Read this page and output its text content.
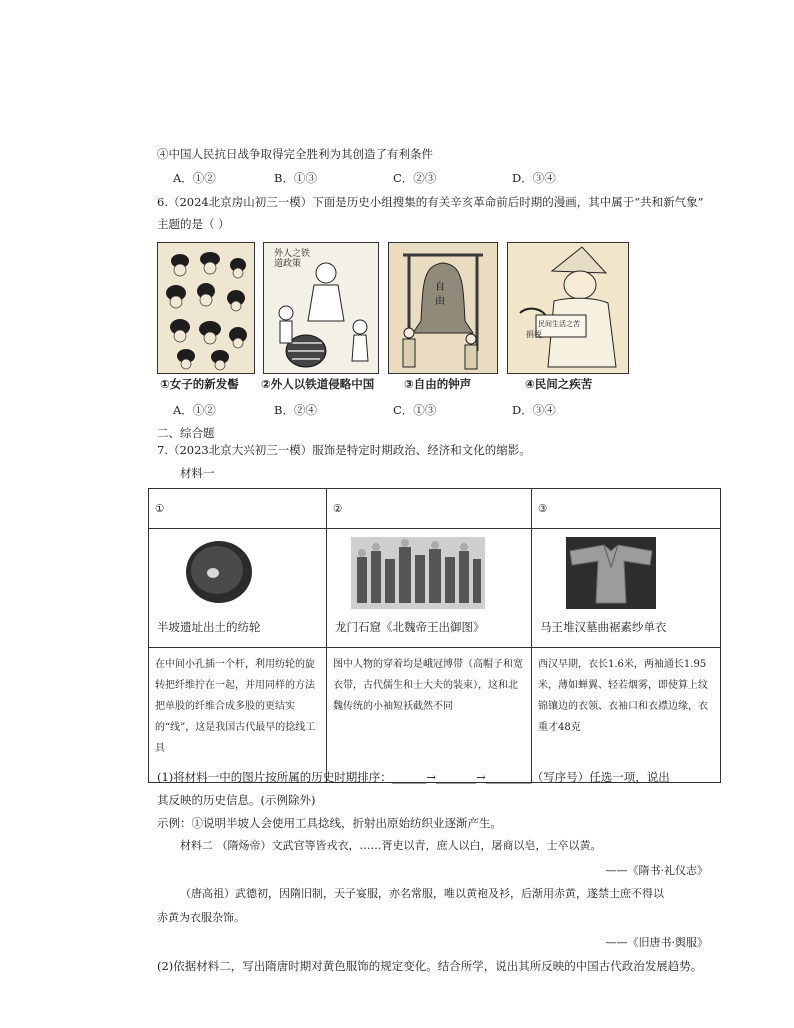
④中国人民抗日战争取得完全胜利为其创造了有利条件
A．①②	B．①③	C．②③	D．③④
6.（2024北京房山初三一模）下面是历史小组搜集的有关辛亥革命前后时期的漫画，其中属于“共和新气象”
主题的是（ ）
外人之铁道政策
自由
捐税
民间生活之苦
①女子的新发髻 ②外人以铁道侵略中国	③自由的钟声	④民间之疾苦
A．①②	B．②④	C．①③	D．③④
二、综合题
7.（2023北京大兴初三一模）服饰是特定时期政治、经济和文化的缩影。
材料一
①	②	③

半坡遗址出土的纺轮	龙门石窟《北魏帝王出御图》	马王堆汉墓曲裾素纱单衣

在中间小孔插一个杆，利用纺轮的旋转把纤维拧在一起，并用同样的方法把单股的纤维合成多股的更结实的“线”，这是我国古代最早的捻线工具	图中人物的穿着均是峨冠博带（高帽子和宽衣带，古代儒生和士大夫的装束），这和北魏传统的小袖短袄截然不同	西汉早期，衣长1.6米，两袖通长1.95米，薄如蝉翼、轻若烟雾，即使算上纹锦镶边的衣领、衣袖口和衣襟边缘，衣重才48克
(1)将材料一中的图片按所属的历史时期排序：______→_______→________（写序号）任选一项，说出
其反映的历史信息。(示例除外)
示例：①说明半坡人会使用工具捻线，折射出原始纺织业逐渐产生。
材料二 （隋炀帝）文武官等皆戎衣，……胥吏以青，庶人以白，屠商以皂，士卒以黄。
——《隋书·礼仪志》
（唐高祖）武德初，因隋旧制，天子宴服，亦名常服，唯以黄袍及衫，后渐用赤黄，遂禁士庶不得以
赤黄为衣服杂饰。
——《旧唐书·舆服》
(2)依据材料二，写出隋唐时期对黄色服饰的规定变化。结合所学，说出其所反映的中国古代政治发展趋势。
